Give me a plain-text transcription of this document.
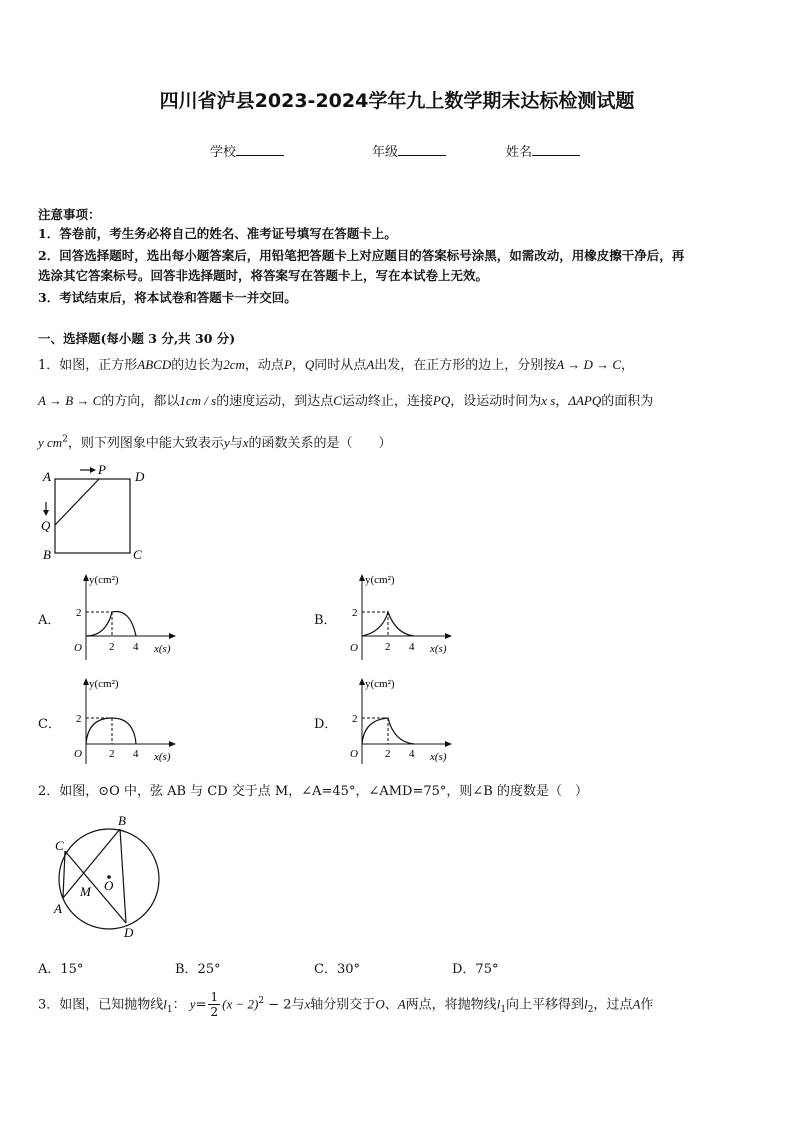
四川省泸县2023-2024学年九上数学期末达标检测试题
学校	年级	姓名
注意事项：
1．答卷前，考生务必将自己的姓名、准考证号填写在答题卡上。
2．回答选择题时，选出每小题答案后，用铅笔把答题卡上对应题目的答案标号涂黑，如需改动，用橡皮擦干净后，再
选涂其它答案标号。回答非选择题时，将答案写在答题卡上，写在本试卷上无效。
3．考试结束后，将本试卷和答题卡一并交回。
一、选择题(每小题 3 分,共 30 分)
1．如图，正方形ABCD的边长为2cm，动点P，Q同时从点A出发，在正方形的边上，分别按A → D → C，
A → B → C的方向，都以1cm / s的速度运动，到达点C运动终止，连接PQ，设运动时间为x s，ΔAPQ的面积为
y $cm^2$，则下列图象中能大致表示y与x的函数关系的是（　　）
A	D
B	C
P
Q
A．	B．
C．	D．
y(cm²)
O
2
2 4 x(s)
y(cm²)
O
2
2 4 x(s)
y(cm²)
O
2
2 4 x(s)
y(cm²)
O
2
2 4 x(s)
2．如图，⊙O 中，弦 AB 与 CD 交于点 M，∠A=45°，∠AMD=75°，则∠B 的度数是（　）
C
B
A
D
M O
A．15°	B．25°	C．30°	D．75°
3．如图，已知抛物线$l_1$： $y= \frac{1}{2} (x - 2)^2 - 2$与x轴分别交于O、A两点，将抛物线$l_1$向上平移得到$l_2$，过点A作
